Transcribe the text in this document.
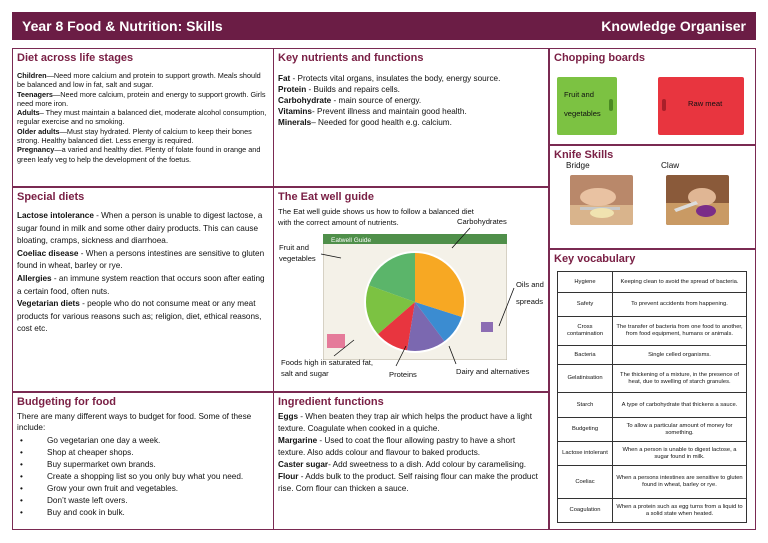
Year 8 Food & Nutrition: Skills	Knowledge Organiser
Diet across life stages

Children—Need more calcium and protein to support growth. Meals should be balanced and low in fat, salt and sugar.

Teenagers—Need more calcium, protein and energy to support growth. Girls need more iron.

Adults– They must maintain a balanced diet, moderate alcohol consumption, regular exercise and no smoking.

Older adults—Must stay hydrated. Plenty of calcium to keep their bones strong. Healthy balanced diet. Less energy is required.

Pregnancy—a varied and healthy diet. Plenty of folate found in orange and green leafy veg to help the development of the foetus.

Key nutrients and functions

Fat - Protects vital organs, insulates the body, energy source.

Protein - Builds and repairs cells.

Carbohydrate - main source of energy.

Vitamins- Prevent illness and maintain good health.

Minerals– Needed for good health e.g. calcium.

Chopping boards
Fruit and vegetables
Raw meat
Knife Skills
Bridge	Claw
Key vocabulary
Hygiene	Keeping clean to avoid the spread of bacteria.
Safety	To prevent accidents from happening.
Cross contamination	The transfer of bacteria from one food to another, from food equipment, humans or animals.
Bacteria	Single celled organisms.
Gelatinisation	The thickening of a mixture, in the presence of heat, due to swelling of starch granules.
Starch	A type of carbohydrate that thickens a sauce.
Budgeting	To allow a particular amount of money for something.
Lactose intolerant	When a person is unable to digest lactose, a sugar found in milk.
Coeliac	When a persons intestines are sensitive to gluten found in wheat, barley or rye.
Coagulation	When a protein such as egg turns from a liquid to a solid state when heated.
Special diets

Lactose intolerance - When a person is unable to digest lactose, a sugar found in milk and some other dairy products. This can cause bloating, cramps, sickness and diarrhoea.

Coeliac disease - When a persons intestines are sensitive to gluten found in wheat, barley or rye.

Allergies - an immune system reaction that occurs soon after eating a certain food, often nuts.

Vegetarian diets - people who do not consume meat or any meat products for various reasons such as; religion, diet, ethical reasons, cost etc.

The Eat well guide
The Eat well guide shows us how to follow a balanced diet with the correct amount of nutrients.
Eatwell Guide
Carbohydrates
Fruit and vegetables
Oils and spreads
Foods high in saturated fat, salt and sugar	Proteins	Dairy and alternatives
Budgeting for food
There are many different ways to budget for food. Some of these include:
• Go vegetarian one day a week.
• Shop at cheaper shops.
• Buy supermarket own brands.
• Create a shopping list so you only buy what you need.
• Grow your own fruit and vegetables.
• Don’t waste left overs.
• Buy and cook in bulk.
Ingredient functions

Eggs - When beaten they trap air which helps the product have a light texture. Coagulate when cooked in a quiche.

Margarine - Used to coat the flour allowing pastry to have a short texture. Also adds colour and flavour to baked products.

Caster sugar- Add sweetness to a dish. Add colour by caramelising.

Flour - Adds bulk to the product. Self raising flour can make the product rise. Corn flour can thicken a sauce.
